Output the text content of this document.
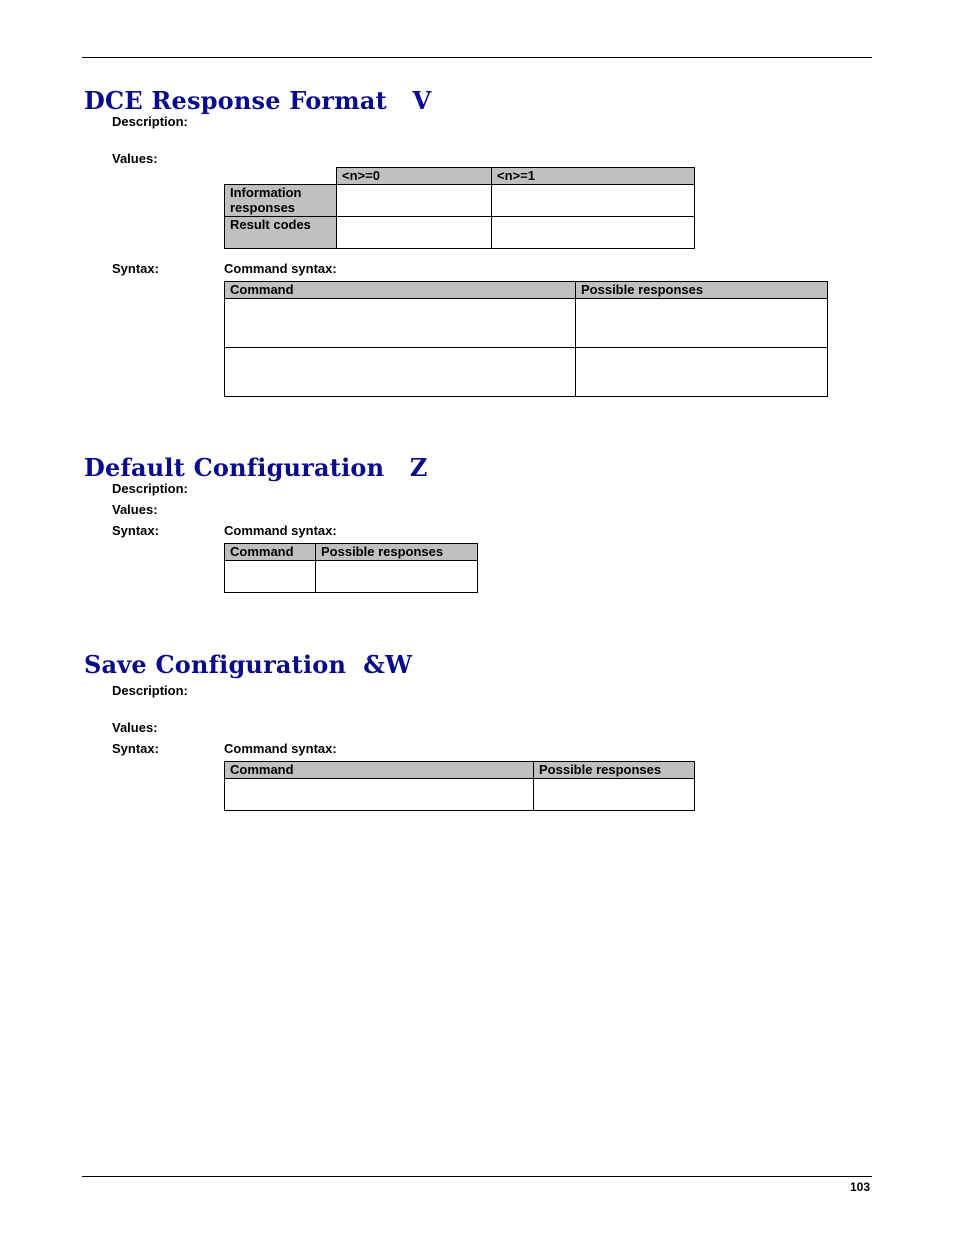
DCE Response Format   V
Description:
Values:
	<n>=0	<n>=1
Information responses		
Result codes		
Syntax:	Command syntax:
Command	Possible responses

Default Configuration   Z
Description:
Values:
Syntax:	Command syntax:
Command	Possible responses

Save Configuration  &W
Description:
Values:
Syntax:	Command syntax:
Command	Possible responses

103
